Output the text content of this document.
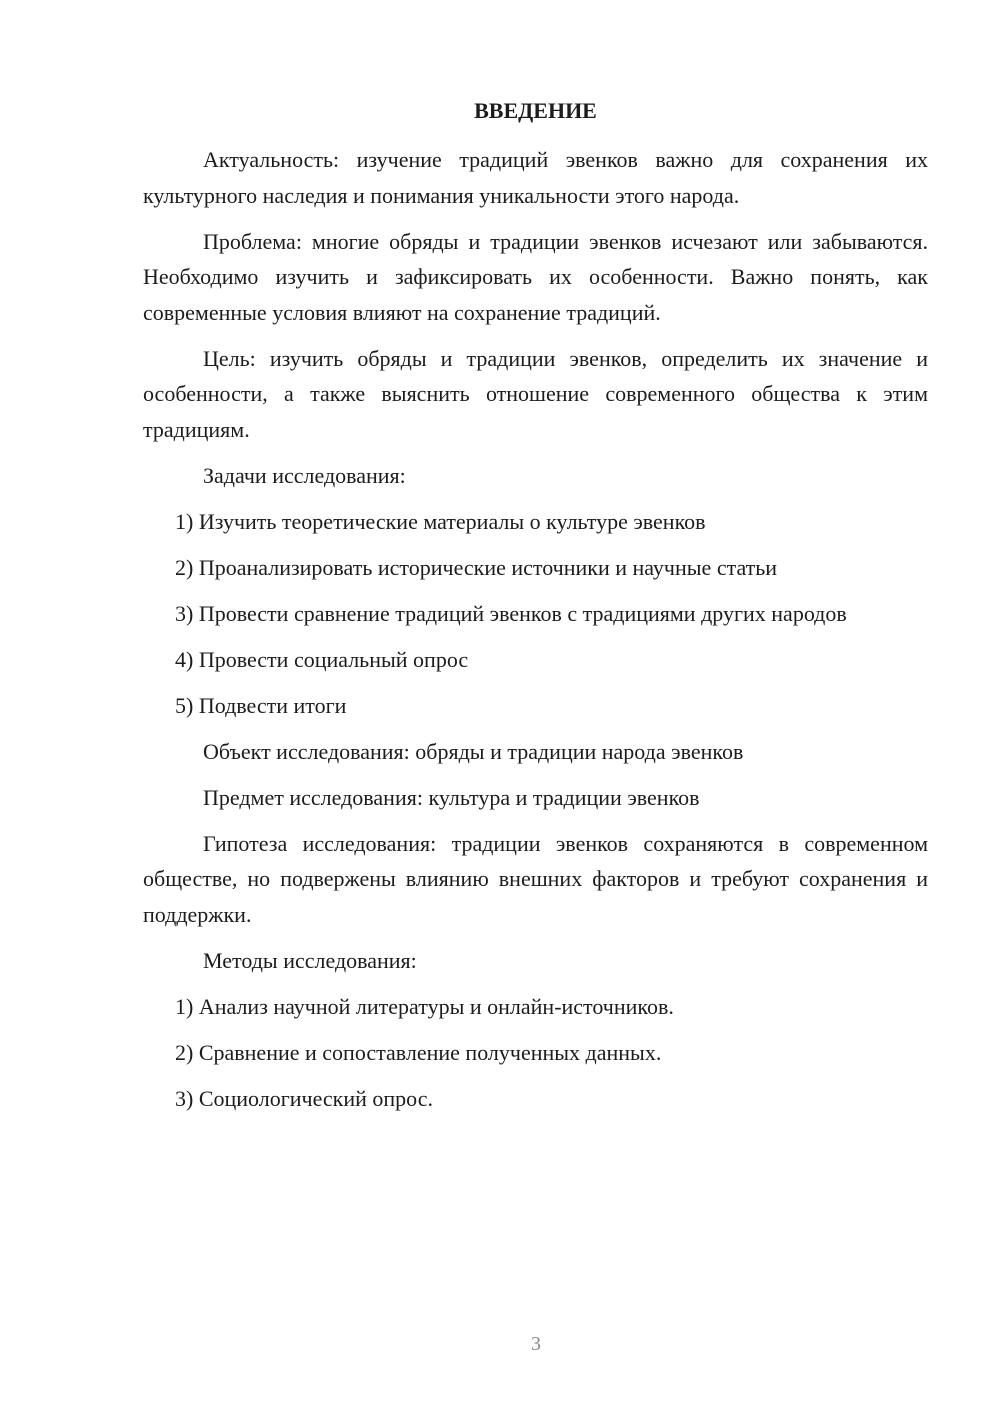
ВВЕДЕНИЕ

Актуальность: изучение традиций эвенков важно для сохранения их культурного наследия и понимания уникальности этого народа.

Проблема: многие обряды и традиции эвенков исчезают или забываются. Необходимо изучить и зафиксировать их особенности. Важно понять, как современные условия влияют на сохранение традиций.

Цель: изучить обряды и традиции эвенков, определить их значение и особенности, а также выяснить отношение современного общества к этим традициям.

Задачи исследования:

1) Изучить теоретические материалы о культуре эвенков

2) Проанализировать исторические источники и научные статьи

3) Провести сравнение традиций эвенков с традициями других народов

4) Провести социальный опрос

5) Подвести итоги

Объект исследования: обряды и традиции народа эвенков

Предмет исследования: культура и традиции эвенков

Гипотеза исследования: традиции эвенков сохраняются в современном обществе, но подвержены влиянию внешних факторов и требуют сохранения и поддержки.

Методы исследования:

1) Анализ научной литературы и онлайн-источников.

2) Сравнение и сопоставление полученных данных.

3) Социологический опрос.

3
